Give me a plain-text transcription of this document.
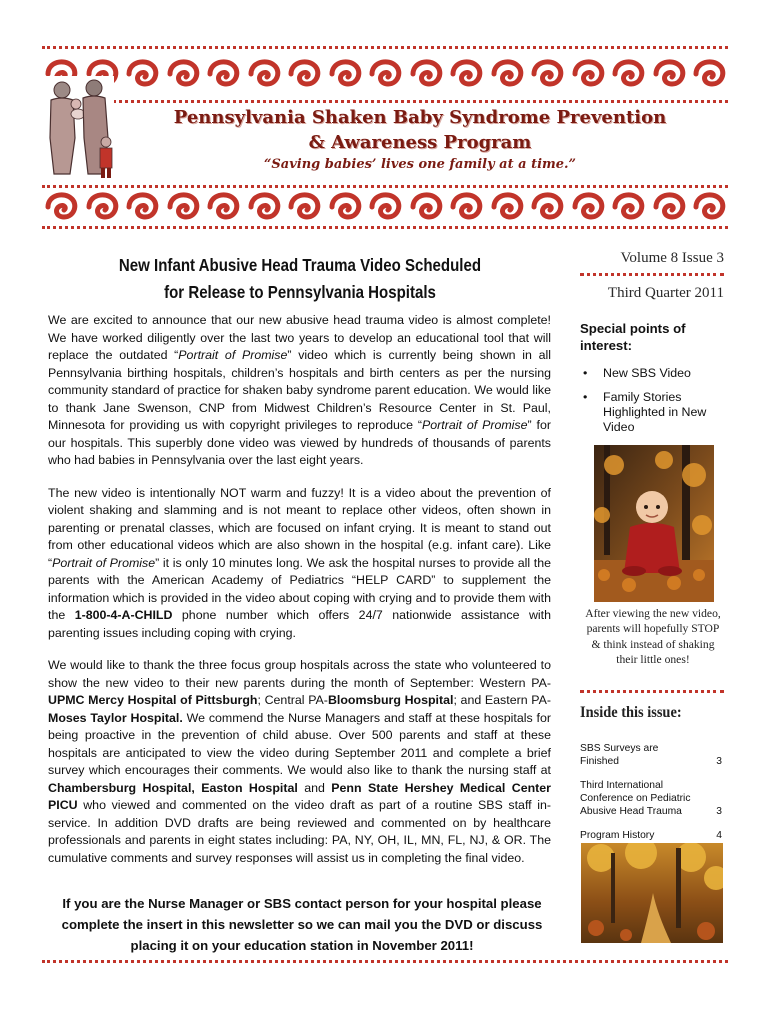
Pennsylvania Shaken Baby Syndrome Prevention
& Awareness Program
“Saving babies’ lives one family at a time.”
New Infant Abusive Head Trauma Video Scheduled
for Release to Pennsylvania Hospitals

We are excited to announce that our new abusive head trauma video is almost complete! We have worked diligently over the last two years to develop an educational tool that will replace the outdated “Portrait of Promise” video which is currently being shown in all Pennsylvania birthing hospitals, children’s hospitals and birth centers as per the nursing community standard of practice for shaken baby syndrome parent education. We would like to thank Jane Swenson, CNP from Midwest Children’s Resource Center in St. Paul, Minnesota for providing us with copyright privileges to reproduce “Portrait of Promise” for our hospitals. This superbly done video was viewed by hundreds of thousands of parents who had babies in Pennsylvania over the last eight years.

The new video is intentionally NOT warm and fuzzy! It is a video about the prevention of violent shaking and slamming and is not meant to replace other videos, often shown in parenting or prenatal classes, which are focused on infant crying. It is meant to stand out from other educational videos which are also shown in the hospital (e.g. infant care). Like “Portrait of Promise” it is only 10 minutes long. We ask the hospital nurses to provide all the parents with the American Academy of Pediatrics “HELP CARD” to supplement the information which is provided in the video about coping with crying and to provide them with the 1-800-4-A-CHILD phone number which offers 24/7 nationwide assistance with parenting issues including coping with crying.

We would like to thank the three focus group hospitals across the state who volunteered to show the new video to their new parents during the month of September: Western PA-UPMC Mercy Hospital of Pittsburgh; Central PA-Bloomsburg Hospital; and Eastern PA-Moses Taylor Hospital. We commend the Nurse Managers and staff at these hospitals for being proactive in the prevention of child abuse. Over 500 parents and staff at these hospitals are anticipated to view the video during September 2011 and complete a brief survey which encourages their comments. We would also like to thank the nursing staff at Chambersburg Hospital, Easton Hospital and Penn State Hershey Medical Center PICU who viewed and commented on the video draft as part of a routine SBS staff in-service. In addition DVD drafts are being reviewed and commented on by healthcare professionals and parents in eight states including: PA, NY, OH, IL, MN, FL, NJ, & OR. The cumulative comments and survey responses will assist us in completing the final video.

If you are the Nurse Manager or SBS contact person for your hospital please complete the insert in this newsletter so we can mail you the DVD or discuss placing it on your education station in November 2011!
Volume 8 Issue 3
Third Quarter 2011
Special points of interest:
• New SBS Video
• Family Stories Highlighted in New Video
After viewing the new video, parents will hopefully STOP & think instead of shaking their little ones!
Inside this issue:
SBS Surveys are Finished	3
Third International Conference on Pediatric Abusive Head Trauma	3
Program History	4
